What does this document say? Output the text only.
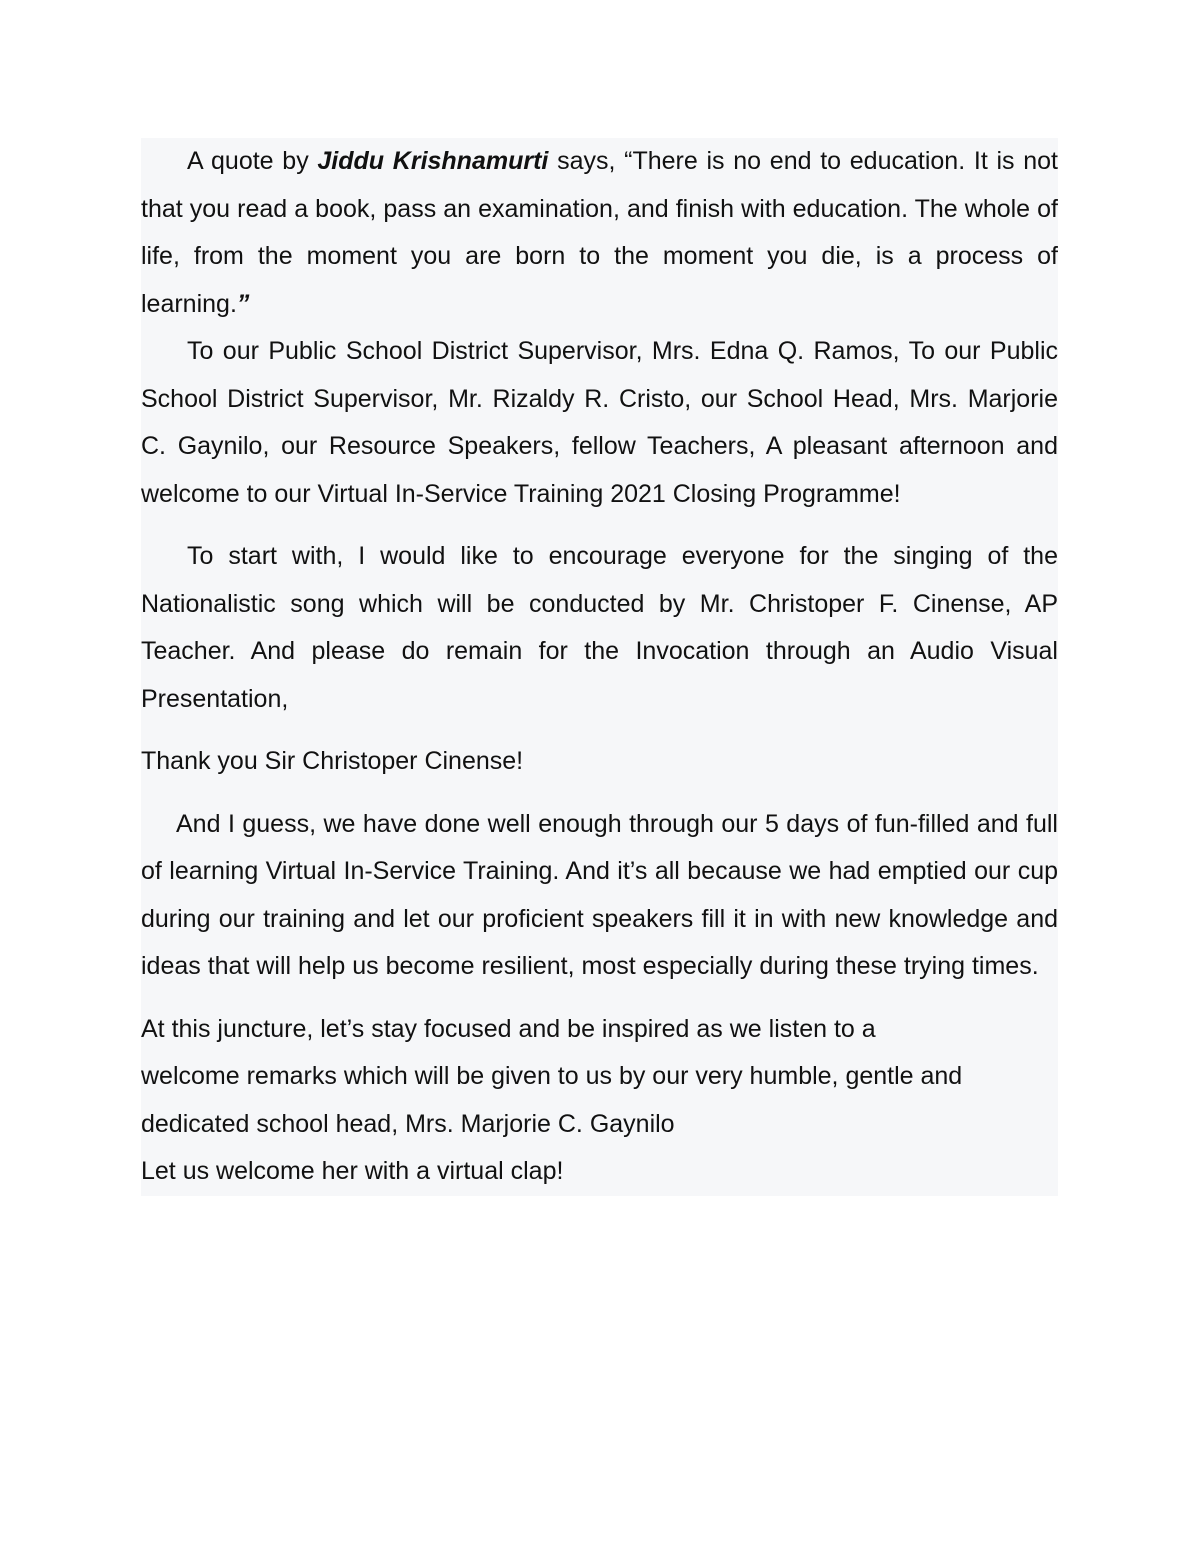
A quote by Jiddu Krishnamurti says, “There is no end to education. It is not that you read a book, pass an examination, and finish with education. The whole of life, from the moment you are born to the moment you die, is a process of learning.”

To our Public School District Supervisor, Mrs. Edna Q. Ramos, To our Public School District Supervisor, Mr. Rizaldy R. Cristo, our School Head, Mrs. Marjorie C. Gaynilo, our Resource Speakers, fellow Teachers, A pleasant afternoon and welcome to our Virtual In-Service Training 2021 Closing Programme!

To start with, I would like to encourage everyone for the singing of the Nationalistic song which will be conducted by Mr. Christoper F. Cinense, AP Teacher. And please do remain for the Invocation through an Audio Visual Presentation,

Thank you Sir Christoper Cinense!

And I guess, we have done well enough through our 5 days of fun-filled and full of learning Virtual In-Service Training. And it’s all because we had emptied our cup during our training and let our proficient speakers fill it in with new knowledge and ideas that will help us become resilient, most especially during these trying times.

At this juncture, let’s stay focused and be inspired as we listen to a
welcome remarks which will be given to us by our very humble, gentle and
dedicated school head, Mrs. Marjorie C. Gaynilo
Let us welcome her with a virtual clap!
